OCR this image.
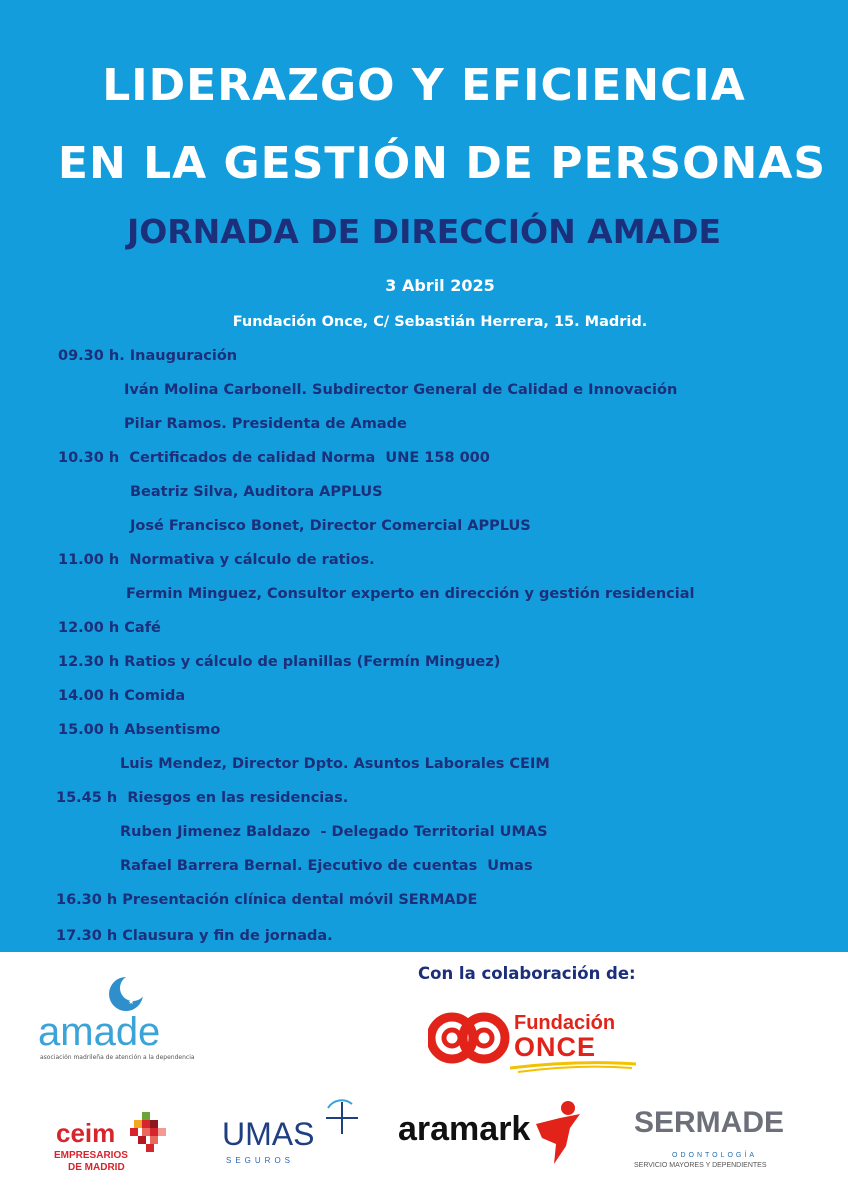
LIDERAZGO Y EFICIENCIA
EN LA GESTIÓN DE PERSONAS
JORNADA DE DIRECCIÓN AMADE
3 Abril 2025
Fundación Once, C/ Sebastián Herrera, 15. Madrid.
09.30 h. Inauguración
Iván Molina Carbonell. Subdirector General de Calidad e Innovación
Pilar Ramos. Presidenta de Amade
10.30 h  Certificados de calidad Norma  UNE 158 000
Beatriz Silva, Auditora APPLUS
José Francisco Bonet, Director Comercial APPLUS
11.00 h  Normativa y cálculo de ratios.
Fermin Minguez, Consultor experto en dirección y gestión residencial
12.00 h Café
12.30 h Ratios y cálculo de planillas (Fermín Minguez)
14.00 h Comida
15.00 h Absentismo
Luis Mendez, Director Dpto. Asuntos Laborales CEIM
15.45 h  Riesgos en las residencias.
Ruben Jimenez Baldazo  - Delegado Territorial UMAS
Rafael Barrera Bernal. Ejecutivo de cuentas  Umas
16.30 h Presentación clínica dental móvil SERMADE
17.30 h Clausura y fin de jornada.
Con la colaboración de:
★
★
amade
asociación madrileña de atención a la dependencia
Fundación
ONCE
ceim
EMPRESARIOS
DE MADRID
UMAS
SEGUROS
aramark	SERMADE
ODONTOLOGÍA
SERVICIO MAYORES Y DEPENDIENTES
